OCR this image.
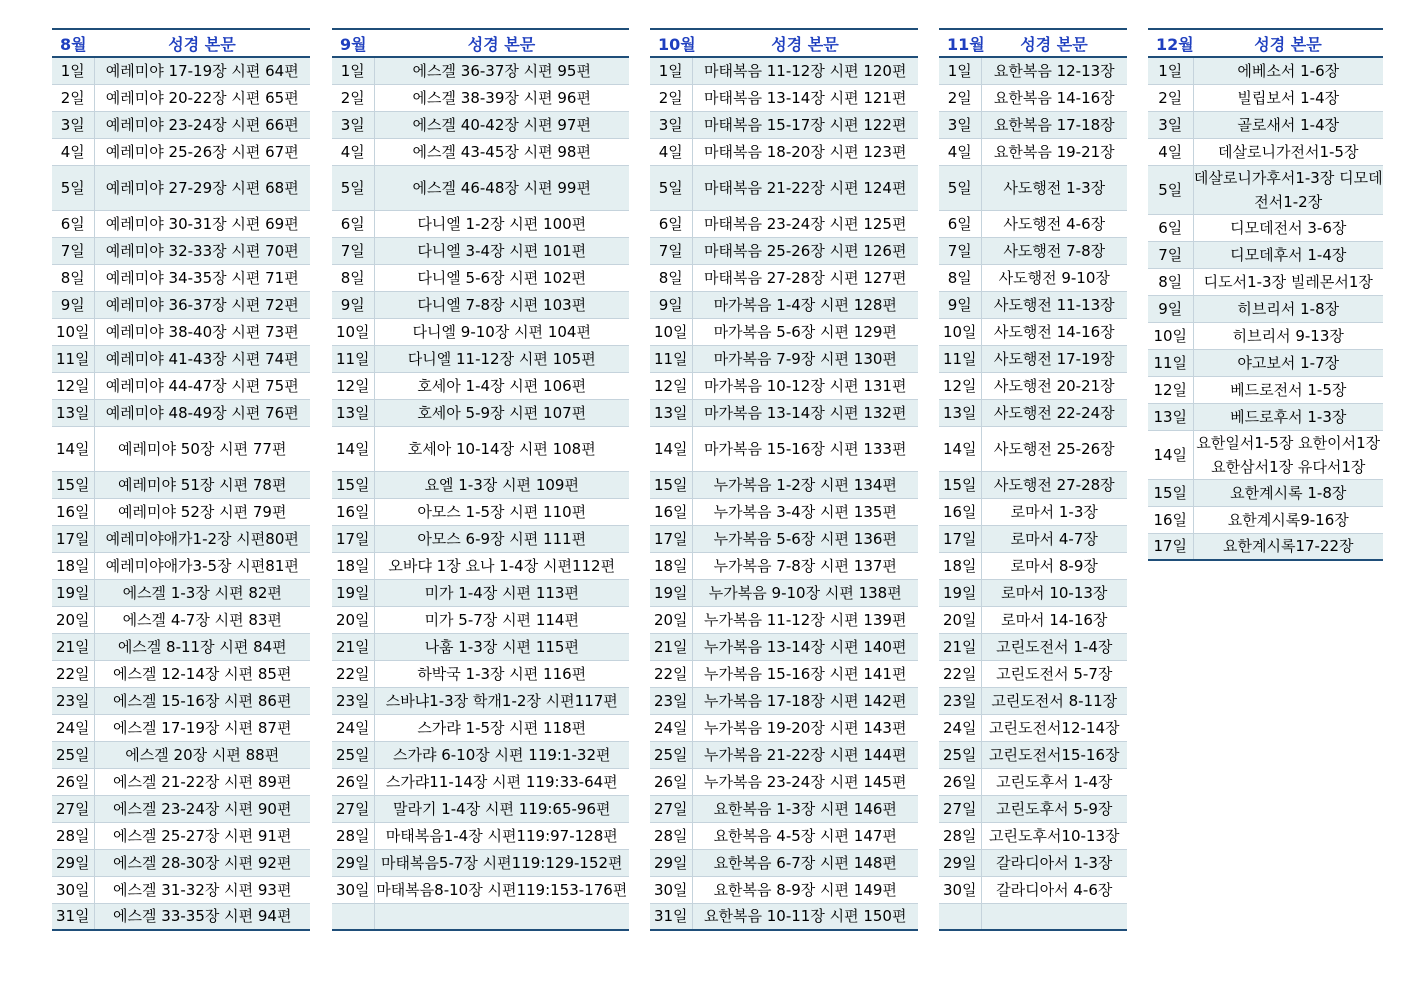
8월	성경 본문
1일	예레미야 17-19장 시편 64편
2일	예레미야 20-22장 시편 65편
3일	예레미야 23-24장 시편 66편
4일	예레미야 25-26장 시편 67편
5일	예레미야 27-29장 시편 68편
6일	예레미야 30-31장 시편 69편
7일	예레미야 32-33장 시편 70편
8일	예레미야 34-35장 시편 71편
9일	예레미야 36-37장 시편 72편
10일	예레미야 38-40장 시편 73편
11일	예레미야 41-43장 시편 74편
12일	예레미야 44-47장 시편 75편
13일	예레미야 48-49장 시편 76편
14일	예레미야 50장 시편 77편
15일	예레미야 51장 시편 78편
16일	예레미야 52장 시편 79편
17일	예레미야애가1-2장 시편80편
18일	예레미야애가3-5장 시편81편
19일	에스겔 1-3장 시편 82편
20일	에스겔 4-7장 시편 83편
21일	에스겔 8-11장 시편 84편
22일	에스겔 12-14장 시편 85편
23일	에스겔 15-16장 시편 86편
24일	에스겔 17-19장 시편 87편
25일	에스겔 20장 시편 88편
26일	에스겔 21-22장 시편 89편
27일	에스겔 23-24장 시편 90편
28일	에스겔 25-27장 시편 91편
29일	에스겔 28-30장 시편 92편
30일	에스겔 31-32장 시편 93편
31일	에스겔 33-35장 시편 94편
9월	성경 본문
1일	에스겔 36-37장 시편 95편
2일	에스겔 38-39장 시편 96편
3일	에스겔 40-42장 시편 97편
4일	에스겔 43-45장 시편 98편
5일	에스겔 46-48장 시편 99편
6일	다니엘 1-2장 시편 100편
7일	다니엘 3-4장 시편 101편
8일	다니엘 5-6장 시편 102편
9일	다니엘 7-8장 시편 103편
10일	다니엘 9-10장 시편 104편
11일	다니엘 11-12장 시편 105편
12일	호세아 1-4장 시편 106편
13일	호세아 5-9장 시편 107편
14일	호세아 10-14장 시편 108편
15일	요엘 1-3장 시편 109편
16일	아모스 1-5장 시편 110편
17일	아모스 6-9장 시편 111편
18일	오바댜 1장 요나 1-4장 시편112편
19일	미가 1-4장 시편 113편
20일	미가 5-7장 시편 114편
21일	나훔 1-3장 시편 115편
22일	하박국 1-3장 시편 116편
23일	스바냐1-3장 학개1-2장 시편117편
24일	스가랴 1-5장 시편 118편
25일	스가랴 6-10장 시편 119:1-32편
26일	스가랴11-14장 시편 119:33-64편
27일	말라기 1-4장 시편 119:65-96편
28일	마태복음1-4장 시편119:97-128편
29일	마태복음5-7장 시편119:129-152편
30일	마태복음8-10장 시편119:153-176편

10월	성경 본문
1일	마태복음 11-12장 시편 120편
2일	마태복음 13-14장 시편 121편
3일	마태복음 15-17장 시편 122편
4일	마태복음 18-20장 시편 123편
5일	마태복음 21-22장 시편 124편
6일	마태복음 23-24장 시편 125편
7일	마태복음 25-26장 시편 126편
8일	마태복음 27-28장 시편 127편
9일	마가복음 1-4장 시편 128편
10일	마가복음 5-6장 시편 129편
11일	마가복음 7-9장 시편 130편
12일	마가복음 10-12장 시편 131편
13일	마가복음 13-14장 시편 132편
14일	마가복음 15-16장 시편 133편
15일	누가복음 1-2장 시편 134편
16일	누가복음 3-4장 시편 135편
17일	누가복음 5-6장 시편 136편
18일	누가복음 7-8장 시편 137편
19일	누가복음 9-10장 시편 138편
20일	누가복음 11-12장 시편 139편
21일	누가복음 13-14장 시편 140편
22일	누가복음 15-16장 시편 141편
23일	누가복음 17-18장 시편 142편
24일	누가복음 19-20장 시편 143편
25일	누가복음 21-22장 시편 144편
26일	누가복음 23-24장 시편 145편
27일	요한복음 1-3장 시편 146편
28일	요한복음 4-5장 시편 147편
29일	요한복음 6-7장 시편 148편
30일	요한복음 8-9장 시편 149편
31일	요한복음 10-11장 시편 150편
11월	성경 본문
1일	요한복음 12-13장
2일	요한복음 14-16장
3일	요한복음 17-18장
4일	요한복음 19-21장
5일	사도행전 1-3장
6일	사도행전 4-6장
7일	사도행전 7-8장
8일	사도행전 9-10장
9일	사도행전 11-13장
10일	사도행전 14-16장
11일	사도행전 17-19장
12일	사도행전 20-21장
13일	사도행전 22-24장
14일	사도행전 25-26장
15일	사도행전 27-28장
16일	로마서 1-3장
17일	로마서 4-7장
18일	로마서 8-9장
19일	로마서 10-13장
20일	로마서 14-16장
21일	고린도전서 1-4장
22일	고린도전서 5-7장
23일	고린도전서 8-11장
24일	고린도전서12-14장
25일	고린도전서15-16장
26일	고린도후서 1-4장
27일	고린도후서 5-9장
28일	고린도후서10-13장
29일	갈라디아서 1-3장
30일	갈라디아서 4-6장

12월	성경 본문
1일	에베소서 1-6장
2일	빌립보서 1-4장
3일	골로새서 1-4장
4일	데살로니가전서1-5장
5일	데살로니가후서1-3장 디모데전서1-2장
6일	디모데전서 3-6장
7일	디모데후서 1-4장
8일	디도서1-3장 빌레몬서1장
9일	히브리서 1-8장
10일	히브리서 9-13장
11일	야고보서 1-7장
12일	베드로전서 1-5장
13일	베드로후서 1-3장
14일	요한일서1-5장 요한이서1장 요한삼서1장 유다서1장
15일	요한계시록 1-8장
16일	요한계시록9-16장
17일	요한계시록17-22장
